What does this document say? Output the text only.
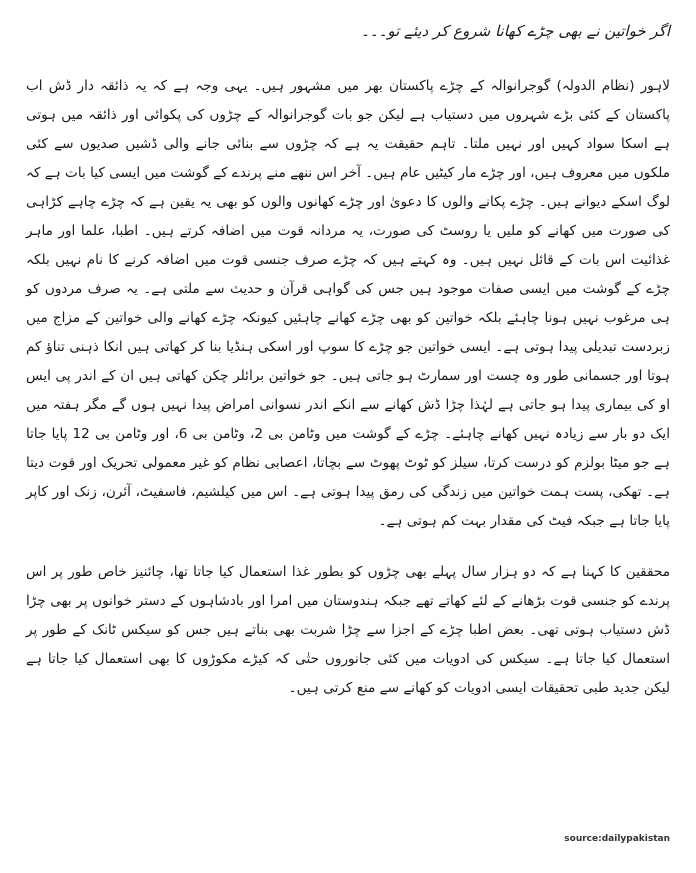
اگر خواتین نے بھی چڑے کھانا شروع کر دیئے تو۔۔۔

لاہور (نظام الدولہ) گوجرانوالہ کے چڑے پاکستان بھر میں مشہور ہیں۔ یہی وجہ ہے کہ یہ ذائقہ دار ڈش اب پاکستان کے کئی بڑے شہروں میں دستیاب ہے لیکن جو بات گوجرانوالہ کے چڑوں کی پکوائی اور ذائقہ میں ہوتی ہے اسکا سواد کہیں اور نہیں ملتا۔ تاہم حقیقت یہ ہے کہ چڑوں سے بنائی جانے والی ڈشیں صدیوں سے کئی ملکوں میں معروف ہیں، اور چڑے مار کیٹیں عام ہیں۔ آخر اس ننھے منے پرندے کے گوشت میں ایسی کیا بات ہے کہ لوگ اسکے دیوانے ہیں۔ چڑے پکانے والوں کا دعویٰ اور چڑے کھانوں والوں کو بھی یہ یقین ہے کہ چڑے چاہے کڑاہی کی صورت میں کھانے کو ملیں یا روسٹ کی صورت، یہ مردانہ قوت میں اضافہ کرتے ہیں۔ اطبا، علما اور ماہر غذائیت اس بات کے قائل نہیں ہیں۔ وہ کہتے ہیں کہ چڑے صرف جنسی قوت میں اضافہ کرنے کا نام نہیں بلکہ چڑے کے گوشت میں ایسی صفات موجود ہیں جس کی گواہی قرآن و حدیث سے ملتی ہے۔ یہ صرف مردوں کو ہی مرغوب نہیں ہونا چاہئے بلکہ خواتین کو بھی چڑے کھانے چاہئیں کیونکہ چڑے کھانے والی خواتین کے مزاج میں زبردست تبدیلی پیدا ہوتی ہے۔ ایسی خواتین جو چڑے کا سوپ اور اسکی ہنڈیا بنا کر کھاتی ہیں انکا ذہنی تناؤ کم ہوتا اور جسمانی طور وہ چست اور سمارٹ ہو جاتی ہیں۔ جو خواتین برائلر چکن کھاتی ہیں ان کے اندر پی ایس او کی بیماری پیدا ہو جاتی ہے لہٰذا چڑا ڈش کھانے سے انکے اندر نسوانی امراض پیدا نہیں ہوں گے مگر ہفتہ میں ایک دو بار سے زیادہ نہیں کھانے چاہئے۔ چڑے کے گوشت میں وٹامن بی 2، وٹامن بی 6، اور وٹامن بی 12 پایا جاتا ہے جو میٹا بولزم کو درست کرتا، سیلز کو ٹوٹ پھوٹ سے بچاتا، اعصابی نظام کو غیر معمولی تحریک اور قوت دیتا ہے۔ تھکی، پست ہمت خواتین میں زندگی کی رمق پیدا ہوتی ہے۔ اس میں کیلشیم، فاسفیٹ، آئرن، زنک اور کاپر پایا جاتا ہے جبکہ فیٹ کی مقدار بہت کم ہوتی ہے۔

محققین کا کہنا ہے کہ دو ہزار سال پہلے بھی چڑوں کو بطور غذا استعمال کیا جاتا تھا، چائنیز خاص طور پر اس پرندے کو جنسی قوت بڑھانے کے لئے کھاتے تھے جبکہ ہندوستان میں امرا اور بادشاہوں کے دستر خوانوں پر بھی چڑا ڈش دستیاب ہوتی تھی۔ بعض اطبا چڑے کے اجزا سے چڑا شربت بھی بناتے ہیں جس کو سیکس ٹانک کے طور پر استعمال کیا جاتا ہے۔ سیکس کی ادویات میں کئی جانوروں حتٰی کہ کیڑے مکوڑوں کا بھی استعمال کیا جاتا ہے لیکن جدید طبی تحقیقات ایسی ادویات کو کھانے سے منع کرتی ہیں۔

source:dailypakistan
